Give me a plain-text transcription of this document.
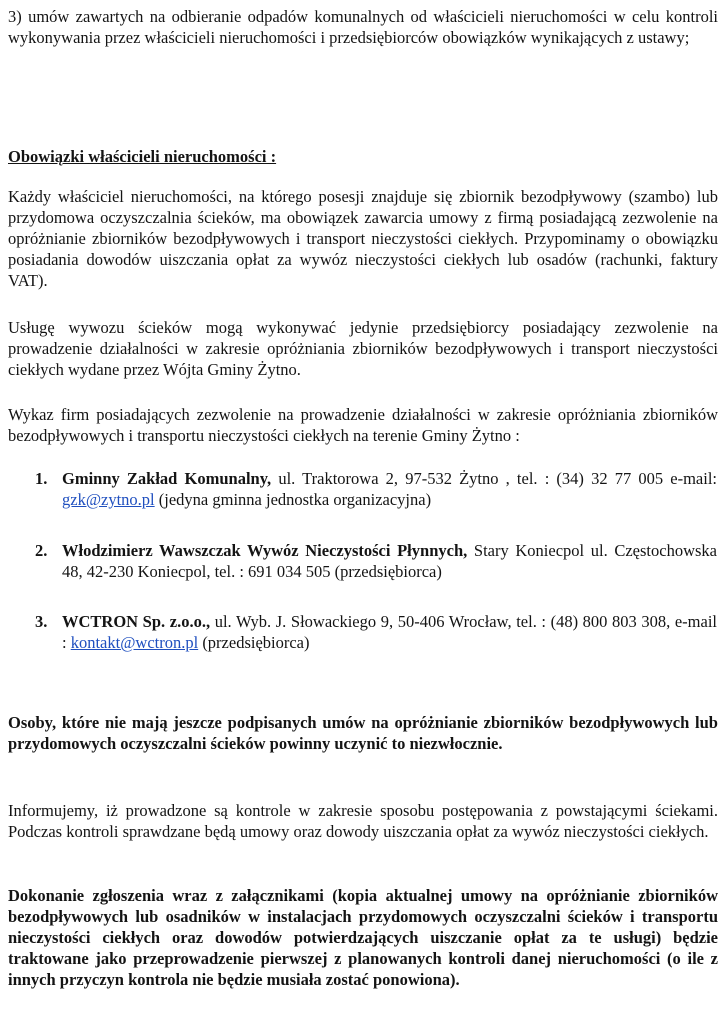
3) umów zawartych na odbieranie odpadów komunalnych od właścicieli nieruchomości w celu kontroli wykonywania przez właścicieli nieruchomości i przedsiębiorców obowiązków wynikających z ustawy;

Obowiązki właścicieli nieruchomości :

Każdy właściciel nieruchomości, na którego posesji znajduje się zbiornik bezodpływowy (szambo) lub przydomowa oczyszczalnia ścieków, ma obowiązek zawarcia umowy z firmą posiadającą zezwolenie na opróżnianie zbiorników bezodpływowych i transport nieczystości ciekłych. Przypominamy o obowiązku posiadania dowodów uiszczania opłat za wywóz nieczystości ciekłych lub osadów (rachunki, faktury VAT).

Usługę wywozu ścieków mogą wykonywać jedynie przedsiębiorcy posiadający zezwolenie na prowadzenie działalności w zakresie opróżniania zbiorników bezodpływowych i transport nieczystości ciekłych wydane przez Wójta Gminy Żytno.

Wykaz firm posiadających zezwolenie na prowadzenie działalności w zakresie opróżniania zbiorników bezodpływowych i transportu nieczystości ciekłych na terenie Gminy Żytno :

1. Gminny Zakład Komunalny, ul. Traktorowa 2, 97-532 Żytno , tel. : (34) 32 77 005 e-mail: gzk@zytno.pl (jedyna gminna jednostka organizacyjna)
2. Włodzimierz Wawszczak Wywóz Nieczystości Płynnych, Stary Koniecpol ul. Częstochowska 48, 42-230 Koniecpol, tel. : 691 034 505 (przedsiębiorca)
3. WCTRON Sp. z.o.o., ul. Wyb. J. Słowackiego 9, 50-406 Wrocław, tel. : (48) 800 803 308, e-mail : kontakt@wctron.pl (przedsiębiorca)

Osoby, które nie mają jeszcze podpisanych umów na opróżnianie zbiorników bezodpływowych lub przydomowych oczyszczalni ścieków powinny uczynić to niezwłocznie.

Informujemy, iż prowadzone są kontrole w zakresie sposobu postępowania z powstającymi ściekami. Podczas kontroli sprawdzane będą umowy oraz dowody uiszczania opłat za wywóz nieczystości ciekłych.

Dokonanie zgłoszenia wraz z załącznikami (kopia aktualnej umowy na opróżnianie zbiorników bezodpływowych lub osadników w instalacjach przydomowych oczyszczalni ścieków i transportu nieczystości ciekłych oraz dowodów potwierdzających uiszczanie opłat za te usługi) będzie traktowane jako przeprowadzenie pierwszej z planowanych kontroli danej nieruchomości (o ile z innych przyczyn kontrola nie będzie musiała zostać ponowiona).
